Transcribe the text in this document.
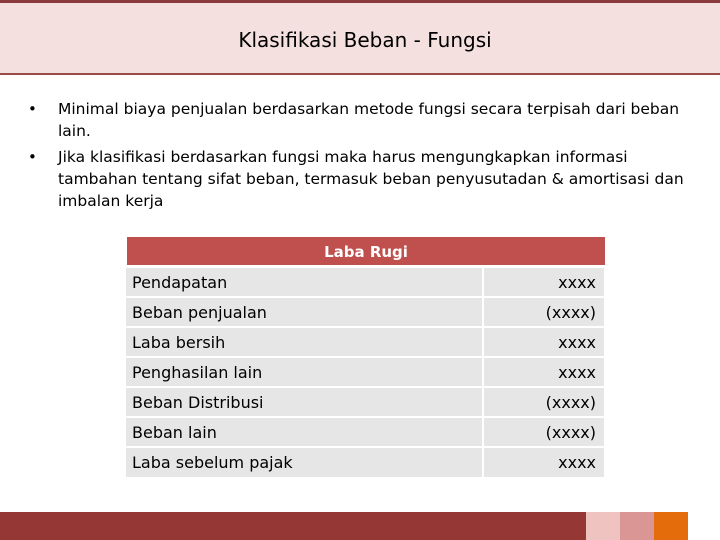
Klasifikasi Beban - Fungsi
•	Minimal biaya penjualan berdasarkan metode fungsi secara terpisah dari beban lain.
•	Jika klasifikasi berdasarkan fungsi maka harus mengungkapkan informasi tambahan tentang sifat beban, termasuk beban penyusutadan & amortisasi dan imbalan kerja
Laba Rugi
Pendapatan	xxxx
Beban penjualan	(xxxx)
Laba bersih	xxxx
Penghasilan lain	xxxx
Beban Distribusi	(xxxx)
Beban lain	(xxxx)
Laba sebelum pajak	xxxx
